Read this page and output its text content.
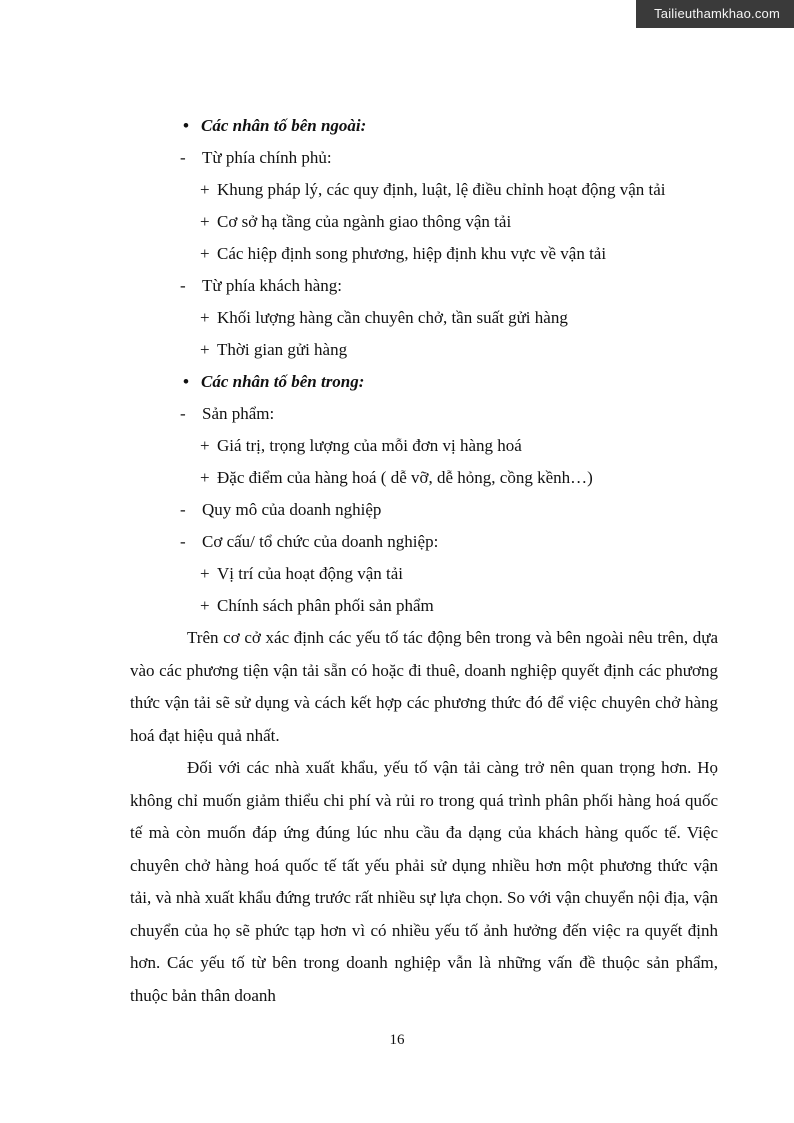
Tailieuthamkhao.com
• Các nhân tố bên ngoài:
- Từ phía chính phủ:
+ Khung pháp lý, các quy định, luật, lệ điều chỉnh hoạt động vận tải
+ Cơ sở hạ tầng của ngành giao thông vận tải
+ Các hiệp định song phương, hiệp định khu vực về vận tải
- Từ phía khách hàng:
+ Khối lượng hàng cần chuyên chở, tần suất gửi hàng
+ Thời gian gửi hàng
• Các nhân tố bên trong:
- Sản phẩm:
+ Giá trị, trọng lượng của mỗi đơn vị hàng hoá
+ Đặc điểm của hàng hoá ( dễ vỡ, dễ hỏng, cồng kềnh…)
- Quy mô của doanh nghiệp
- Cơ cấu/ tổ chức của doanh nghiệp:
+ Vị trí của hoạt động vận tải
+ Chính sách phân phối sản phẩm

Trên cơ cở xác định các yếu tố tác động bên trong và bên ngoài nêu trên, dựa vào các phương tiện vận tải sẵn có hoặc đi thuê, doanh nghiệp quyết định các phương thức vận tải sẽ sử dụng và cách kết hợp các phương thức đó để việc chuyên chở hàng hoá đạt hiệu quả nhất.

Đối với các nhà xuất khẩu, yếu tố vận tải càng trở nên quan trọng hơn. Họ không chỉ muốn giảm thiểu chi phí và rủi ro trong quá trình phân phối hàng hoá quốc tế mà còn muốn đáp ứng đúng lúc nhu cầu đa dạng của khách hàng quốc tế. Việc chuyên chở hàng hoá quốc tế tất yếu phải sử dụng nhiều hơn một phương thức vận tải, và nhà xuất khẩu đứng trước rất nhiều sự lựa chọn. So với vận chuyển nội địa, vận chuyển của họ sẽ phức tạp hơn vì có nhiều yếu tố ảnh hưởng đến việc ra quyết định hơn. Các yếu tố từ bên trong doanh nghiệp vẫn là những vấn đề thuộc sản phẩm, thuộc bản thân doanh

16
